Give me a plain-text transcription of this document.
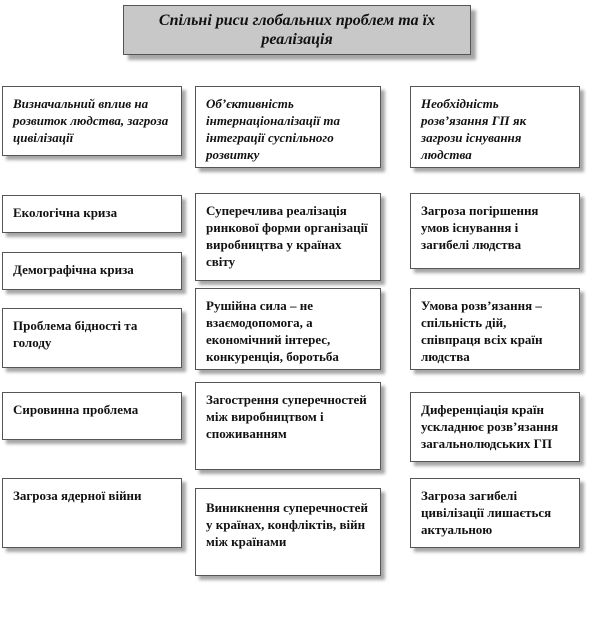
Спільні риси глобальних проблем та їх реалізація
Визначальний вплив на розвиток людства, загроза цивілізації
Об’єктивність інтернаціоналізації та інтеграції суспільного розвитку
Необхідність розв’язання ГП як загрози існування людства
Екологічна криза
Демографічна криза
Проблема бідності та голоду
Сировинна проблема
Загроза ядерної війни
Суперечлива реалізація ринкової форми організації виробництва у країнах світу
Рушійна сила – не взаємодопомога, а економічний інтерес, конкуренція, боротьба
Загострення суперечностей між виробництвом і споживанням
Виникнення суперечностей у країнах, конфліктів, війн між країнами
Загроза погіршення умов існування і загибелі людства
Умова розв’язання – спільність дій, співпраця всіх країн людства
Диференціація країн ускладнює розв’язання загальнолюдських ГП
Загроза загибелі цивілізації лишається актуальною
